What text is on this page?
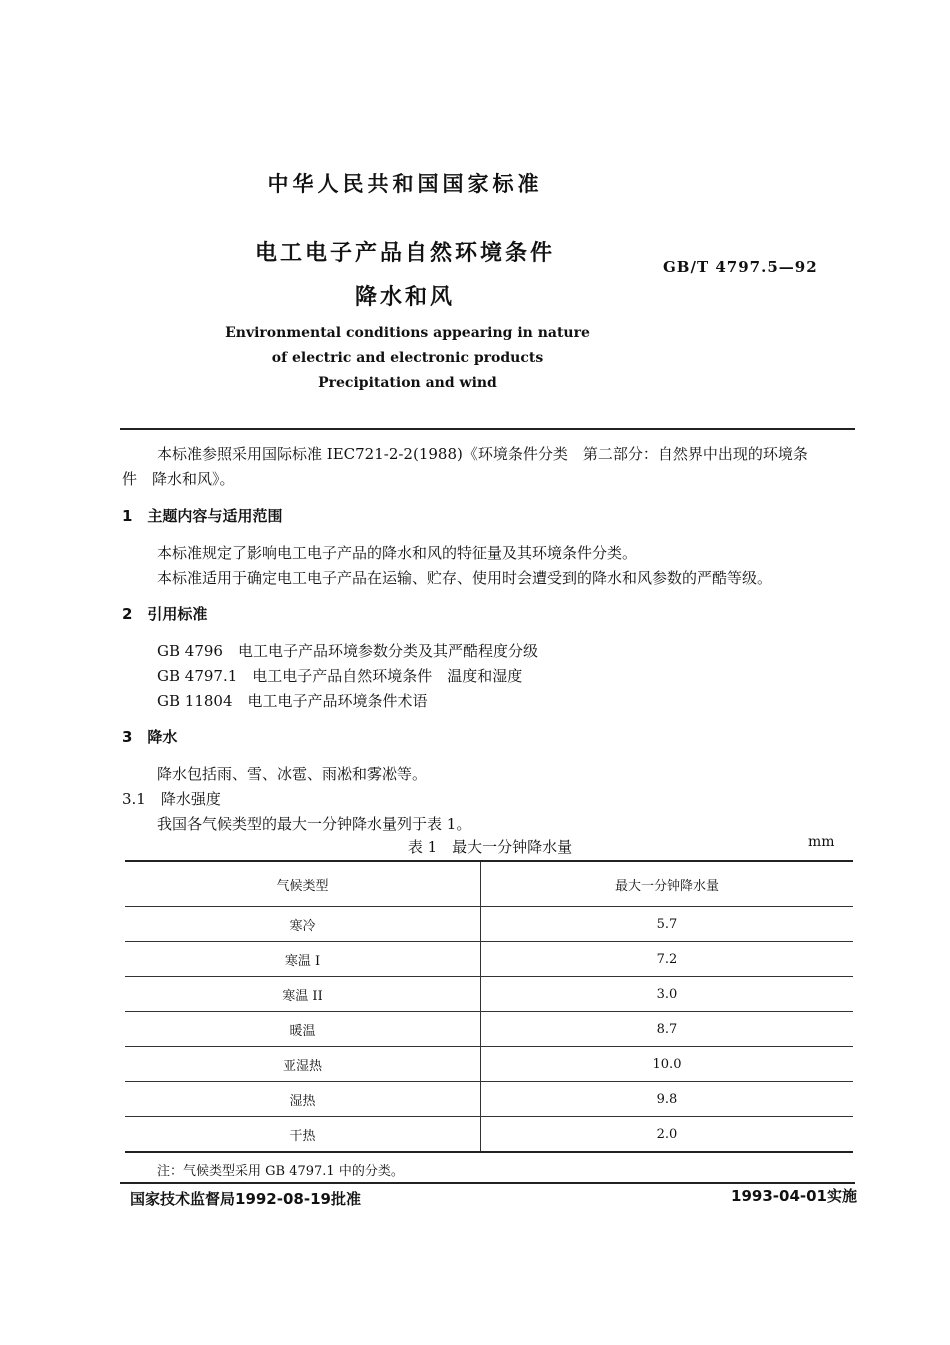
中华人民共和国国家标准
电工电子产品自然环境条件
降水和风
GB/T 4797.5—92
Environmental conditions appearing in nature
of electric and electronic products
Precipitation and wind
本标准参照采用国际标准 IEC721-2-2(1988)《环境条件分类　第二部分：自然界中出现的环境条
件　降水和风》。
1　主题内容与适用范围
本标准规定了影响电工电子产品的降水和风的特征量及其环境条件分类。
本标准适用于确定电工电子产品在运输、贮存、使用时会遭受到的降水和风参数的严酷等级。
2　引用标准
GB 4796　电工电子产品环境参数分类及其严酷程度分级
GB 4797.1　电工电子产品自然环境条件　温度和湿度
GB 11804　电工电子产品环境条件术语
3　降水
降水包括雨、雪、冰雹、雨凇和雾凇等。
3.1　降水强度
我国各气候类型的最大一分钟降水量列于表 1。
表 1　最大一分钟降水量	mm
气候类型	最大一分钟降水量
寒冷	5.7
寒温 I	7.2
寒温 II	3.0
暖温	8.7
亚湿热	10.0
湿热	9.8
干热	2.0
注：气候类型采用 GB 4797.1 中的分类。
国家技术监督局1992-08-19批准	1993-04-01实施
